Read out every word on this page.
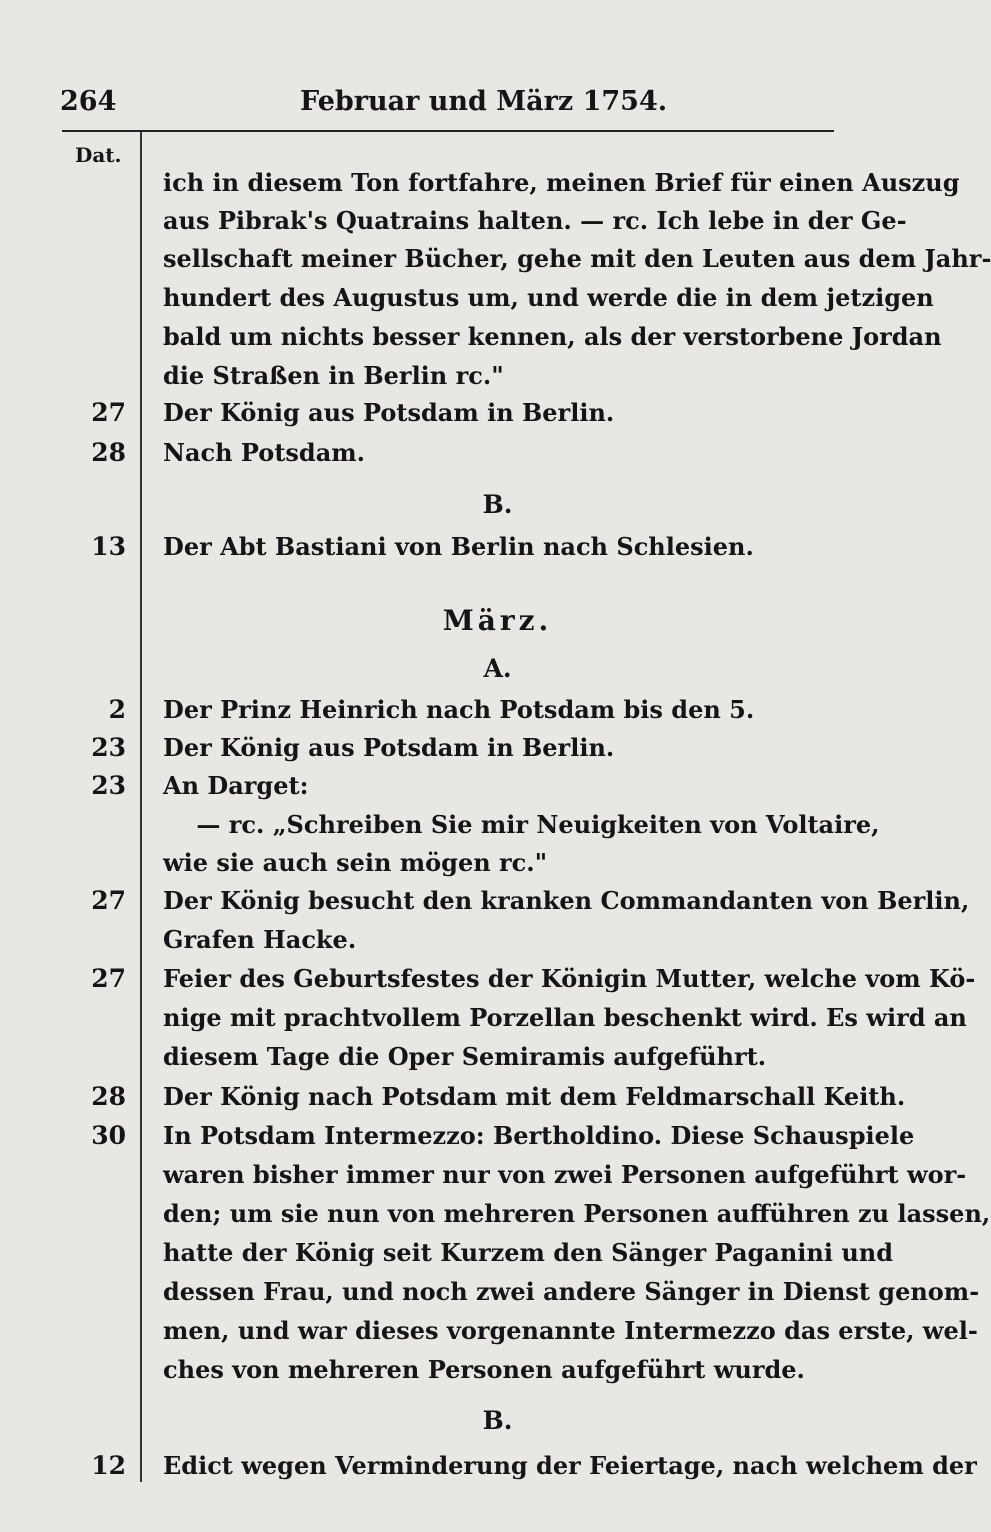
264	Februar und März 1754.
Dat.
ich in diesem Ton fortfahre, meinen Brief für einen Auszug
aus Pibrak's Quatrains halten. — rc. Ich lebe in der Ge-
sellschaft meiner Bücher, gehe mit den Leuten aus dem Jahr-
hundert des Augustus um, und werde die in dem jetzigen
bald um nichts besser kennen, als der verstorbene Jordan
die Straßen in Berlin rc."
27 Der König aus Potsdam in Berlin.
28 Nach Potsdam.
B.
13 Der Abt Bastiani von Berlin nach Schlesien.
März.
A.
2 Der Prinz Heinrich nach Potsdam bis den 5.
23 Der König aus Potsdam in Berlin.
23 An Darget:
— rc. „Schreiben Sie mir Neuigkeiten von Voltaire,
wie sie auch sein mögen rc."
27 Der König besucht den kranken Commandanten von Berlin,
Grafen Hacke.
27 Feier des Geburtsfestes der Königin Mutter, welche vom Kö-
nige mit prachtvollem Porzellan beschenkt wird. Es wird an
diesem Tage die Oper Semiramis aufgeführt.
28 Der König nach Potsdam mit dem Feldmarschall Keith.
30 In Potsdam Intermezzo: Bertholdino. Diese Schauspiele
waren bisher immer nur von zwei Personen aufgeführt wor-
den; um sie nun von mehreren Personen aufführen zu lassen,
hatte der König seit Kurzem den Sänger Paganini und
dessen Frau, und noch zwei andere Sänger in Dienst genom-
men, und war dieses vorgenannte Intermezzo das erste, wel-
ches von mehreren Personen aufgeführt wurde.
B.
12 Edict wegen Verminderung der Feiertage, nach welchem der
